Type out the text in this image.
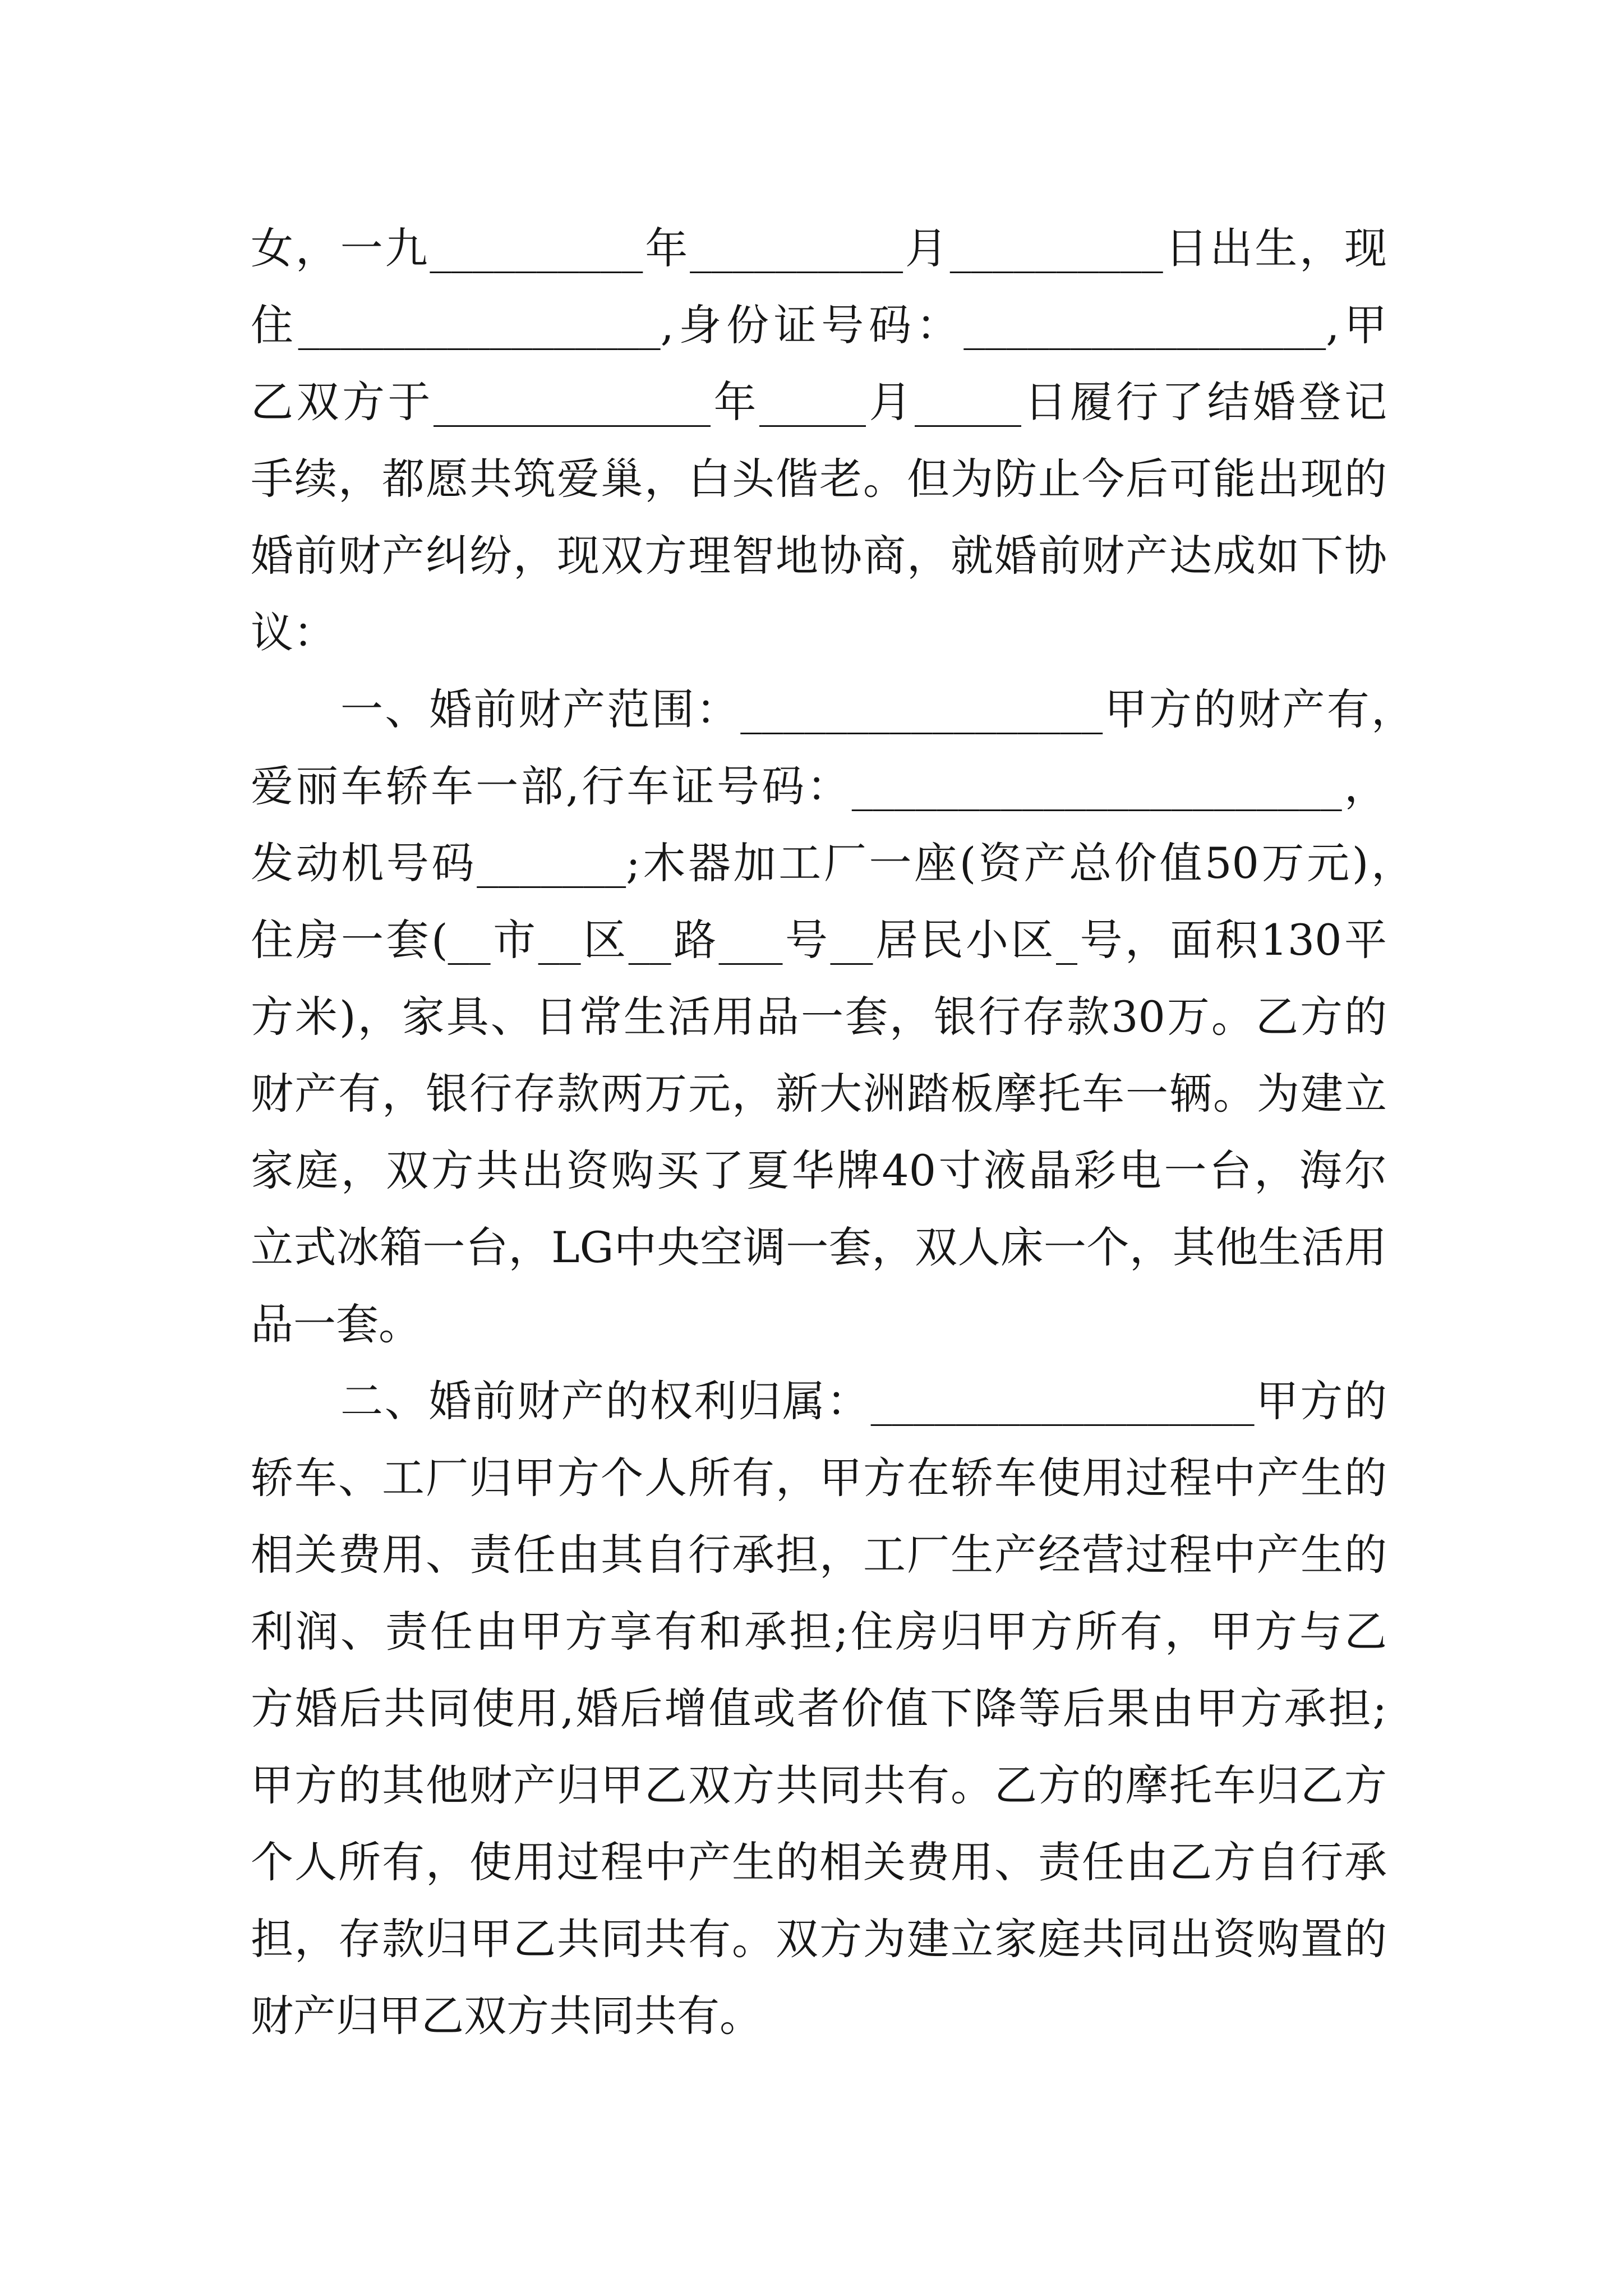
女，一九__________年__________月__________日出生，现
住_________________,身份证号码：_________________,甲
乙双方于_____________年_____月_____日履行了结婚登记
手续，都愿共筑爱巢，白头偕老。但为防止今后可能出现的
婚前财产纠纷，现双方理智地协商，就婚前财产达成如下协
议：
一、婚前财产范围：_________________甲方的财产有，
爱丽车轿车一部,行车证号码：_______________________，
发动机号码_______;木器加工厂一座(资产总价值50万元)，
住房一套(__市__区__路___号__居民小区_号，面积130平
方米)，家具、日常生活用品一套，银行存款30万。乙方的
财产有，银行存款两万元，新大洲踏板摩托车一辆。为建立
家庭，双方共出资购买了夏华牌40寸液晶彩电一台，海尔
立式冰箱一台，LG中央空调一套，双人床一个，其他生活用
品一套。
二、婚前财产的权利归属：__________________甲方的
轿车、工厂归甲方个人所有，甲方在轿车使用过程中产生的
相关费用、责任由其自行承担，工厂生产经营过程中产生的
利润、责任由甲方享有和承担;住房归甲方所有，甲方与乙
方婚后共同使用,婚后增值或者价值下降等后果由甲方承担;
甲方的其他财产归甲乙双方共同共有。乙方的摩托车归乙方
个人所有，使用过程中产生的相关费用、责任由乙方自行承
担，存款归甲乙共同共有。双方为建立家庭共同出资购置的
财产归甲乙双方共同共有。
